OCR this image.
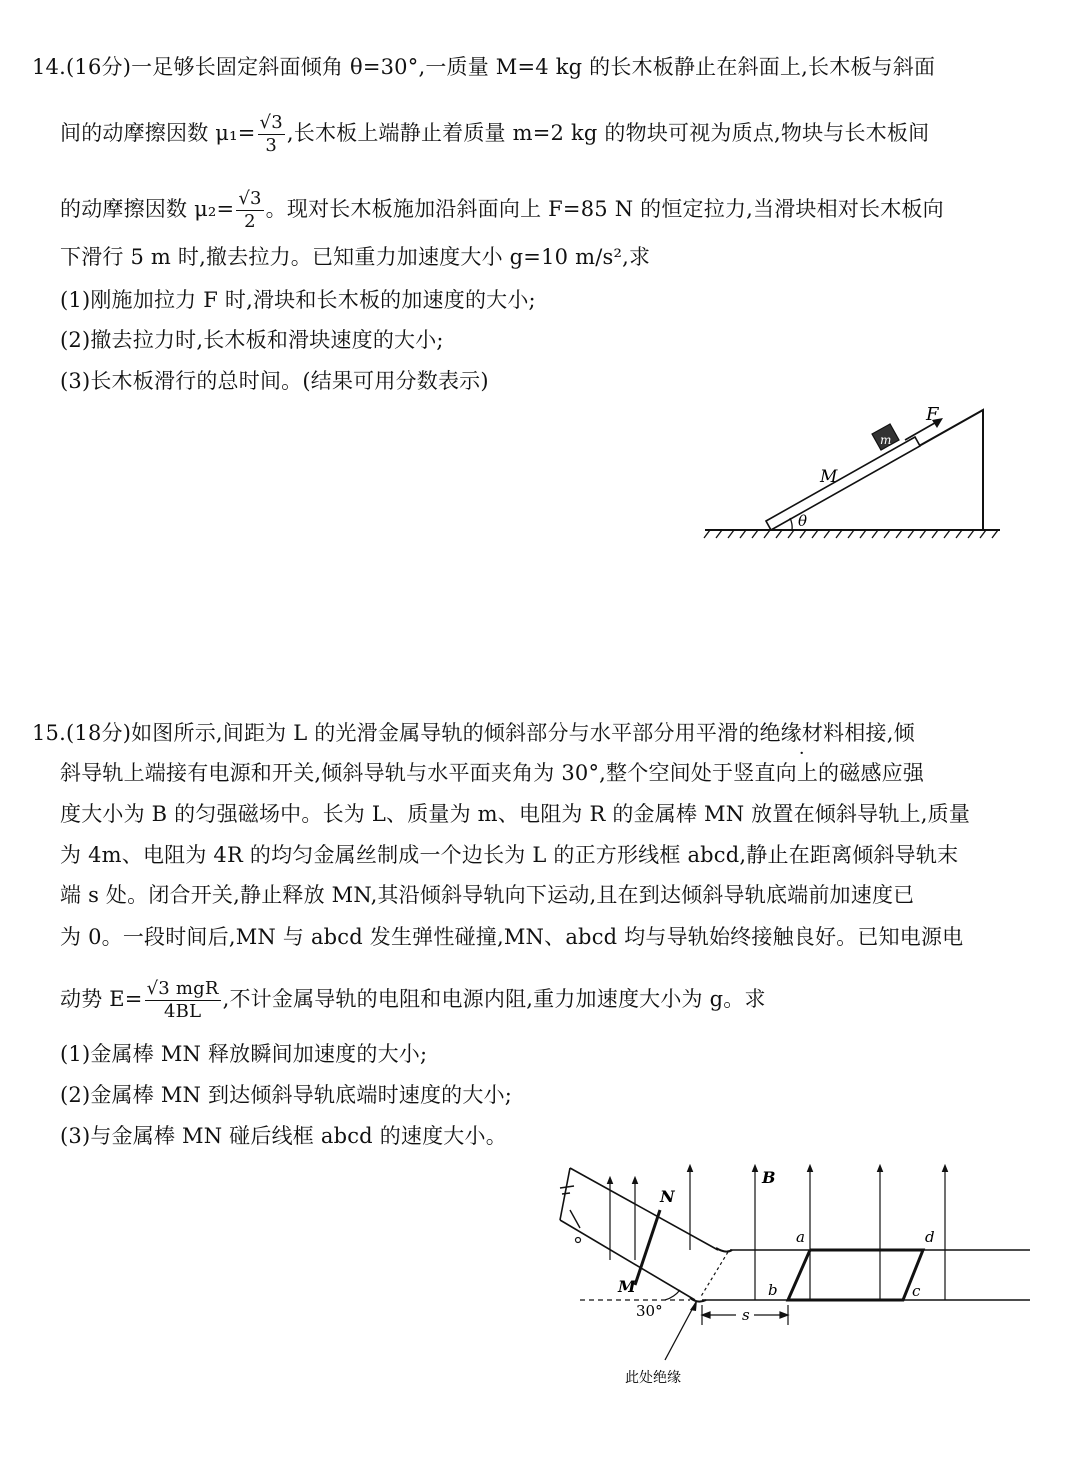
14.(16分)一足够长固定斜面倾角 θ=30°,一质量 M=4 kg 的长木板静止在斜面上,长木板与斜面
间的动摩擦因数 $\mu_1= \frac{√3}{3}$ ,长木板上端静止着质量 m=2 kg 的物块可视为质点,物块与长木板间
的动摩擦因数 $\mu_2= \frac{√3}{2}$ 。现对长木板施加沿斜面向上 F=85 N 的恒定拉力,当滑块相对长木板向
下滑行 5 m 时,撤去拉力。已知重力加速度大小 g=10 m/s²,求
(1)刚施加拉力 F 时,滑块和长木板的加速度的大小;
(2)撤去拉力时,长木板和滑块速度的大小;
(3)长木板滑行的总时间。(结果可用分数表示)
m
F
M
θ
15.(18分)如图所示,间距为 L 的光滑金属导轨的倾斜部分与水平部分用平滑的绝缘材料相接,倾
斜导轨上端接有电源和开关,倾斜导轨与水平面夹角为 30°,整个空间处于竖直向上的磁感应强
度大小为 B 的匀强磁场中。长为 L、质量为 m、电阻为 R 的金属棒 MN 放置在倾斜导轨上,质量
为 4m、电阻为 4R 的均匀金属丝制成一个边长为 L 的正方形线框 abcd,静止在距离倾斜导轨末
端 s 处。闭合开关,静止释放 MN,其沿倾斜导轨向下运动,且在到达倾斜导轨底端前加速度已
为 0。一段时间后,MN 与 abcd 发生弹性碰撞,MN、abcd 均与导轨始终接触良好。已知电源电
动势 $E= \frac{\text{√3 mgR}}{4BL}$ ,不计金属导轨的电阻和电源内阻,重力加速度大小为 g。求
(1)金属棒 MN 释放瞬间加速度的大小;
(2)金属棒 MN 到达倾斜导轨底端时速度的大小;
(3)与金属棒 MN 碰后线框 abcd 的速度大小。
B
N
M
30°
a	d
b	c
s
此处绝缘
